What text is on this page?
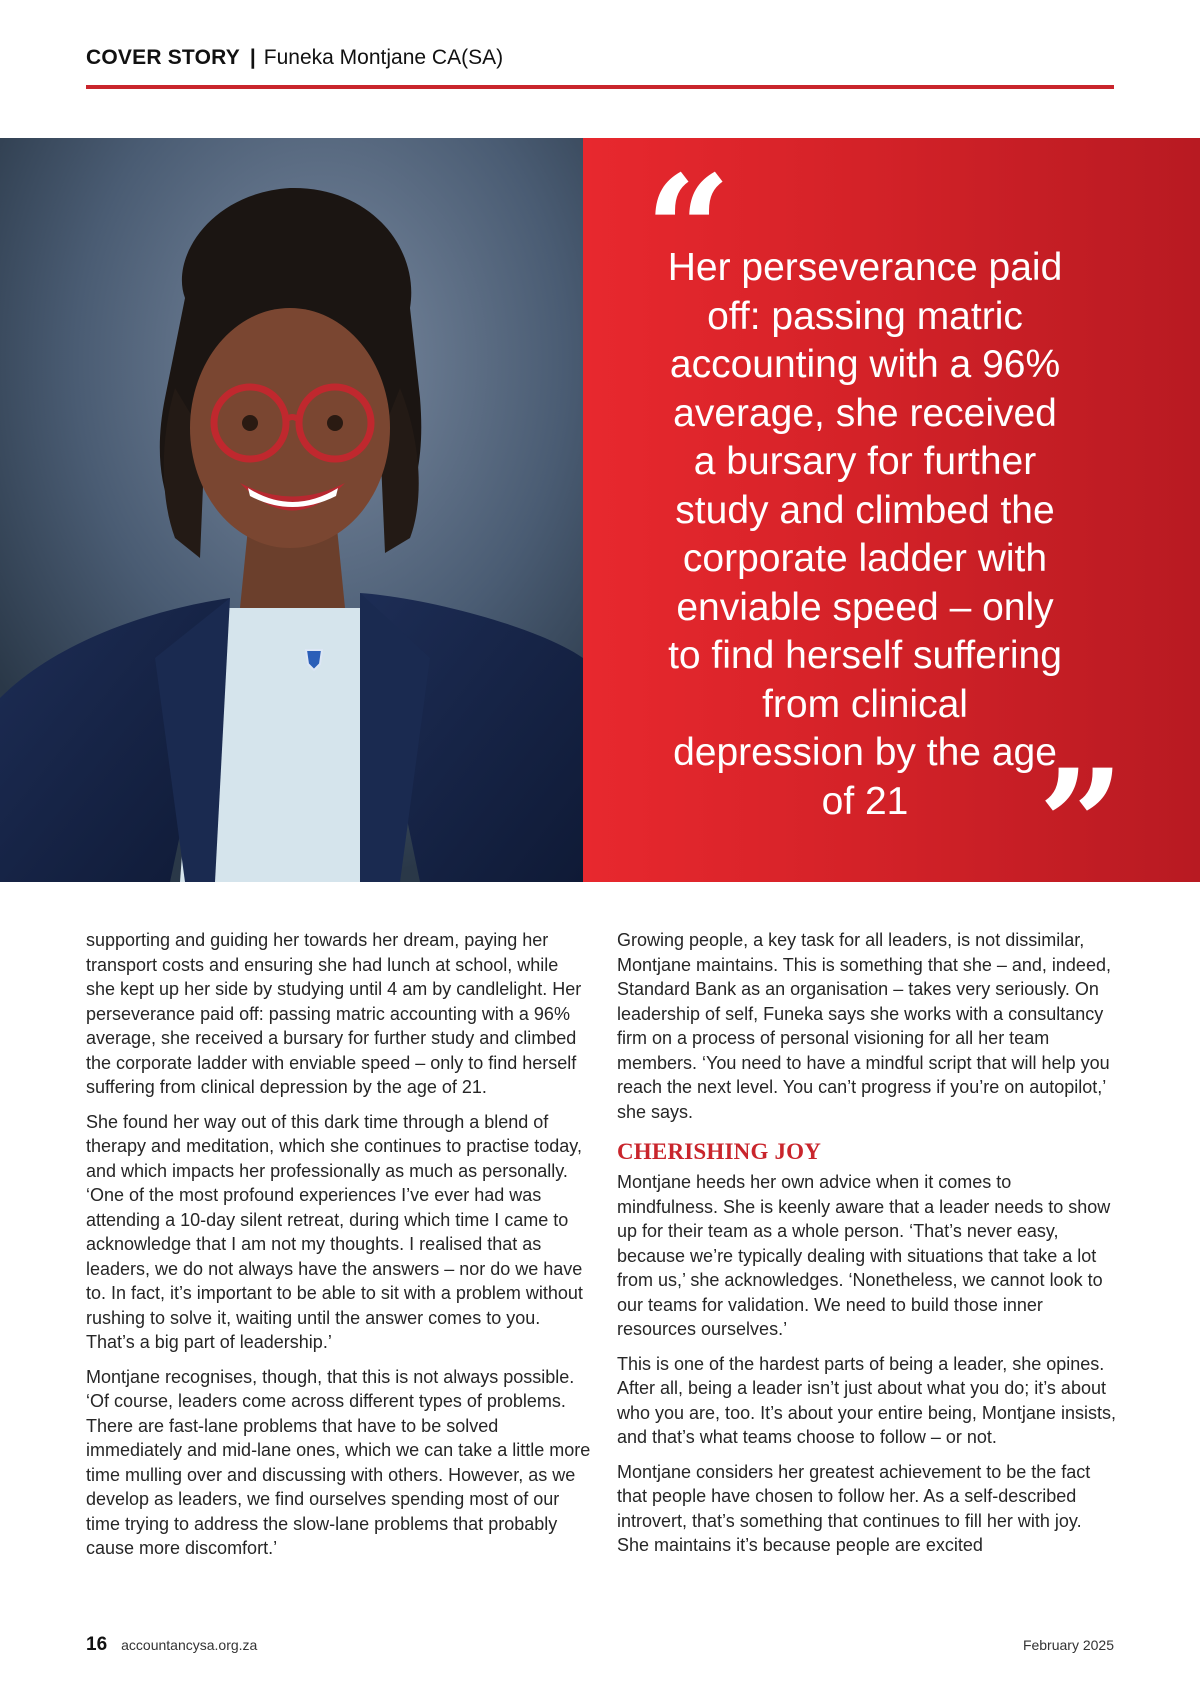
COVER STORY | Funeka Montjane CA(SA)
“
Her perseverance paid off: passing matric accounting with a 96% average, she received a bursary for further study and climbed the corporate ladder with enviable speed – only to find herself suffering from clinical depression by the age of 21 ”

supporting and guiding her towards her dream, paying her transport costs and ensuring she had lunch at school, while she kept up her side by studying until 4 am by candlelight. Her perseverance paid off: passing matric accounting with a 96% average, she received a bursary for further study and climbed the corporate ladder with enviable speed – only to find herself suffering from clinical depression by the age of 21.

She found her way out of this dark time through a blend of therapy and meditation, which she continues to practise today, and which impacts her professionally as much as personally. ‘One of the most profound experiences I’ve ever had was attending a 10-day silent retreat, during which time I came to acknowledge that I am not my thoughts. I realised that as leaders, we do not always have the answers – nor do we have to. In fact, it’s important to be able to sit with a problem without rushing to solve it, waiting until the answer comes to you. That’s a big part of leadership.’

Montjane recognises, though, that this is not always possible. ‘Of course, leaders come across different types of problems. There are fast-lane problems that have to be solved immediately and mid-lane ones, which we can take a little more time mulling over and discussing with others. However, as we develop as leaders, we find ourselves spending most of our time trying to address the slow-lane problems that probably cause more discomfort.’

Growing people, a key task for all leaders, is not dissimilar, Montjane maintains. This is something that she – and, indeed, Standard Bank as an organisation – takes very seriously. On leadership of self, Funeka says she works with a consultancy firm on a process of personal visioning for all her team members. ‘You need to have a mindful script that will help you reach the next level. You can’t progress if you’re on autopilot,’ she says.

CHERISHING JOY

Montjane heeds her own advice when it comes to mindfulness. She is keenly aware that a leader needs to show up for their team as a whole person. ‘That’s never easy, because we’re typically dealing with situations that take a lot from us,’ she acknowledges. ‘Nonetheless, we cannot look to our teams for validation. We need to build those inner resources ourselves.’

This is one of the hardest parts of being a leader, she opines. After all, being a leader isn’t just about what you do; it’s about who you are, too. It’s about your entire being, Montjane insists, and that’s what teams choose to follow – or not.

Montjane considers her greatest achievement to be the fact that people have chosen to follow her. As a self-described introvert, that’s something that continues to fill her with joy. She maintains it’s because people are excited

16 accountancysa.org.za	February 2025
